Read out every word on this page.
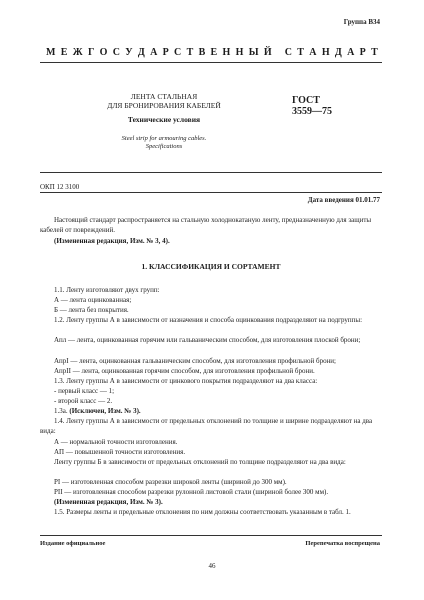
Группа В34
М Е Ж Г О С У Д А Р С Т В Е Н Н Ы Й
С Т А Н Д А Р Т
ЛЕНТА СТАЛЬНАЯ
ДЛЯ БРОНИРОВАНИЯ КАБЕЛЕЙ
Технические условия
Steel strip for armouring cables.
Specifications
ГОСТ
3559—75
ОКП 12 3100
Дата введения 01.01.77
Настоящий стандарт распространяется на стальную холоднокатаную ленту, предназначенную для защиты кабелей от повреждений.
(Измененная редакция, Изм. № 3, 4).
1. КЛАССИФИКАЦИЯ И СОРТАМЕНТ
1.1. Ленту изготовляют двух групп:
А — лента оцинкованная;
Б — лента без покрытия.
1.2. Ленту группы А в зависимости от назначения и способа оцинкования подразделяют на подгруппы:
Апл — лента, оцинкованная горячим или гальваническим способом, для изготовления плоской брони;
АпрI — лента, оцинкованная гальваническим способом, для изготовления профильной брони;
АпрII — лента, оцинкованная горячим способом, для изготовления профильной брони.
1.3. Ленту группы А в зависимости от цинкового покрытия подразделяют на два класса:
- первый класс — 1;
- второй класс — 2.
1.3а. (Исключен, Изм. № 3).
1.4. Ленту группы А в зависимости от предельных отклонений по толщине и ширине подразделяют на два вида:
А — нормальной точности изготовления.
АП — повышенной точности изготовления.
Ленту группы Б в зависимости от предельных отклонений по толщине подразделяют на два вида:
РI — изготовленная способом разрезки широкой ленты (шириной до 300 мм).
РII — изготовленная способом разрезки рулонной листовой стали (шириной более 300 мм).
(Измененная редакция, Изм. № 3).
1.5. Размеры ленты и предельные отклонения по ним должны соответствовать указанным в табл. 1.
Издание официальное	Перепечатка воспрещена
46
